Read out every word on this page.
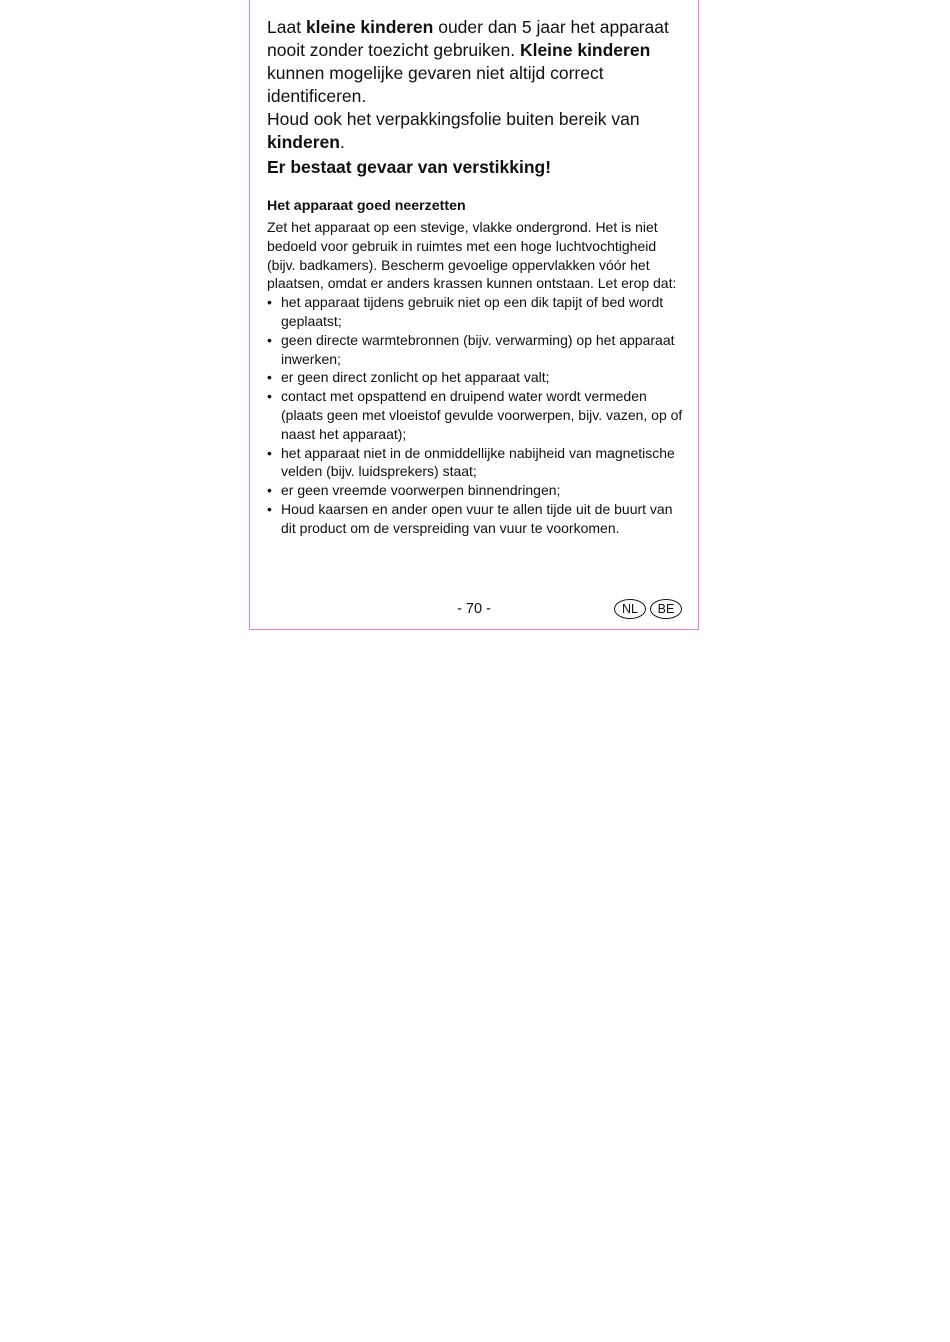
Laat kleine kinderen ouder dan 5 jaar het apparaat nooit zonder toezicht gebruiken. Kleine kinderen kunnen mogelijke gevaren niet altijd correct identificeren.

Houd ook het verpakkingsfolie buiten bereik van kinderen.

Er bestaat gevaar van verstikking!

Het apparaat goed neerzetten

Zet het apparaat op een stevige, vlakke ondergrond. Het is niet bedoeld voor gebruik in ruimtes met een hoge luchtvochtigheid (bijv. badkamers). Bescherm gevoelige oppervlakken vóór het plaatsen, omdat er anders krassen kunnen ontstaan. Let erop dat:

• het apparaat tijdens gebruik niet op een dik tapijt of bed wordt geplaatst;
• geen directe warmtebronnen (bijv. verwarming) op het apparaat inwerken;
• er geen direct zonlicht op het apparaat valt;
• contact met opspattend en druipend water wordt vermeden (plaats geen met vloeistof gevulde voorwerpen, bijv. vazen, op of naast het apparaat);
• het apparaat niet in de onmiddellijke nabijheid van magnetische velden (bijv. luidsprekers) staat;
• er geen vreemde voorwerpen binnendringen;
• Houd kaarsen en ander open vuur te allen tijde uit de buurt van dit product om de verspreiding van vuur te voorkomen.
- 70 -	NL	BE
